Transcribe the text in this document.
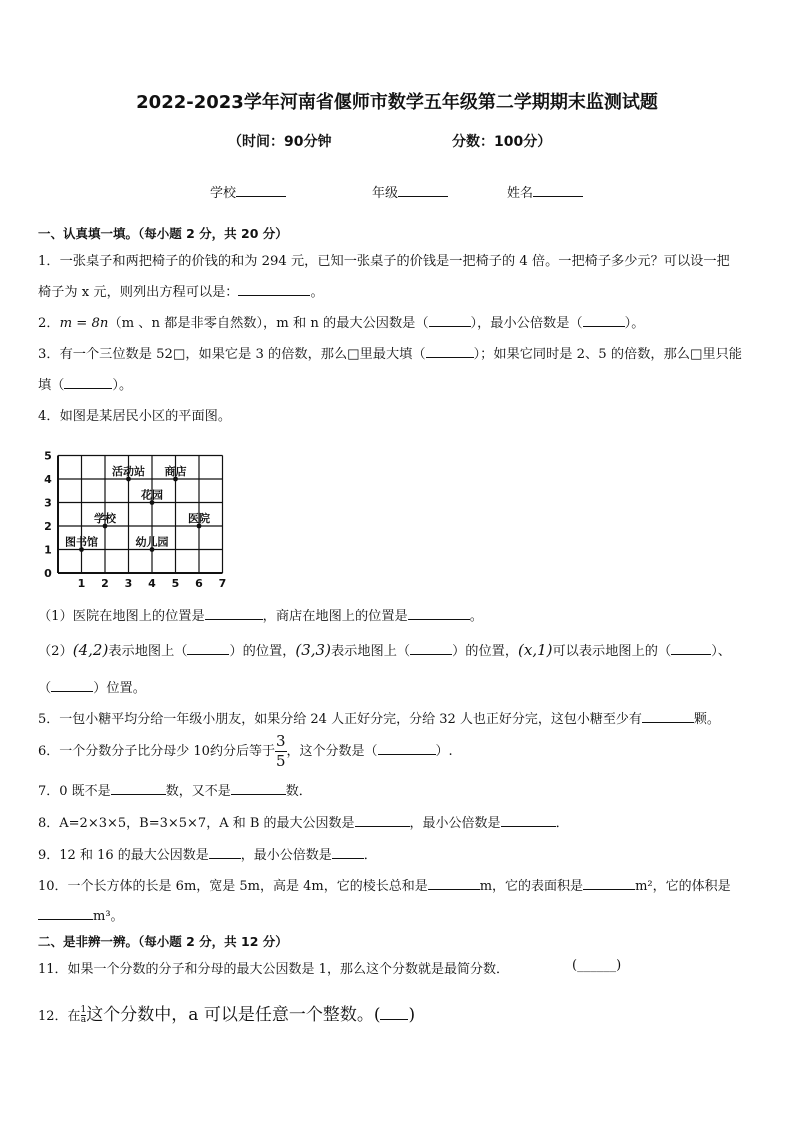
2022-2023学年河南省偃师市数学五年级第二学期期末监测试题
（时间：90分钟	分数：100分）
学校	年级	姓名
一、认真填一填。（每小题 2 分，共 20 分）
1．一张桌子和两把椅子的价钱的和为 294 元，已知一张桌子的价钱是一把椅子的 4 倍。一把椅子多少元？可以设一把
椅子为 x 元，则列出方程可以是：	。
2．m = 8n（m 、n 都是非零自然数），m 和 n 的最大公因数是（	），最小公倍数是（	）。
3．有一个三位数是 52□，如果它是 3 的倍数，那么□里最大填（	）；如果它同时是 2、5 的倍数，那么□里只能
填（	）。
4．如图是某居民小区的平面图。
0
1 2 3 4 5 6 7
1
2
3
4
5
活动站 商店
花园
学校	医院
图书馆	幼儿园
（1）医院在地图上的位置是	，商店在地图上的位置是	。
（2）(4,2)表示地图上（	）的位置，(3,3)表示地图上（	）的位置，(x,1)可以表示地图上的（	）、
（	）位置。
5．一包小糖平均分给一年级小朋友，如果分给 24 人正好分完，分给 32 人也正好分完，这包小糖至少有	颗。
6．一个分数分子比分母少 10约分后等于 $\frac{3}{5}$ ，这个分数是（	）.
7．0 既不是	数，又不是	数．
8．A=2×3×5，B=3×5×7，A 和 B 的最大公因数是	，最小公倍数是	．
9．12 和 16 的最大公因数是 ，最小公倍数是 ．
10．一个长方体的长是 6m，宽是 5m，高是 4m，它的棱长总和是	m，它的表面积是	m²，它的体积是
m³。
二、是非辨一辨。（每小题 2 分，共 12 分）
11．如果一个分数的分子和分母的最大公因数是 1，那么这个分数就是最简分数．	(______)
12．在 $\frac{1}{a}$ 这个分数中，a 可以是任意一个整数。( )
